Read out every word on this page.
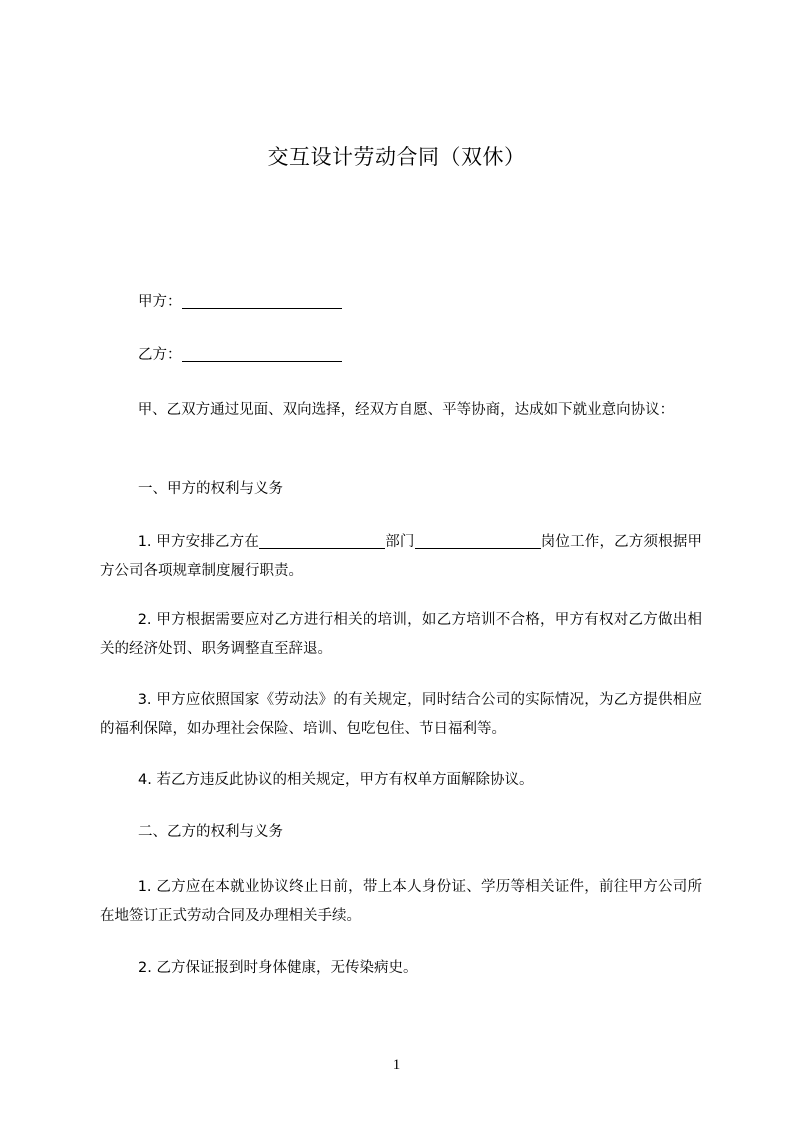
交互设计劳动合同（双休）
甲方：
乙方：
甲、乙双方通过见面、双向选择，经双方自愿、平等协商，达成如下就业意向协议：
一、甲方的权利与义务
1. 甲方安排乙方在	部门	岗位工作，乙方须根据甲方公司各项规章制度履行职责。
2. 甲方根据需要应对乙方进行相关的培训，如乙方培训不合格，甲方有权对乙方做出相关的经济处罚、职务调整直至辞退。
3. 甲方应依照国家《劳动法》的有关规定，同时结合公司的实际情况，为乙方提供相应的福利保障，如办理社会保险、培训、包吃包住、节日福利等。
4. 若乙方违反此协议的相关规定，甲方有权单方面解除协议。
二、乙方的权利与义务
1. 乙方应在本就业协议终止日前，带上本人身份证、学历等相关证件，前往甲方公司所在地签订正式劳动合同及办理相关手续。
2. 乙方保证报到时身体健康，无传染病史。
1
